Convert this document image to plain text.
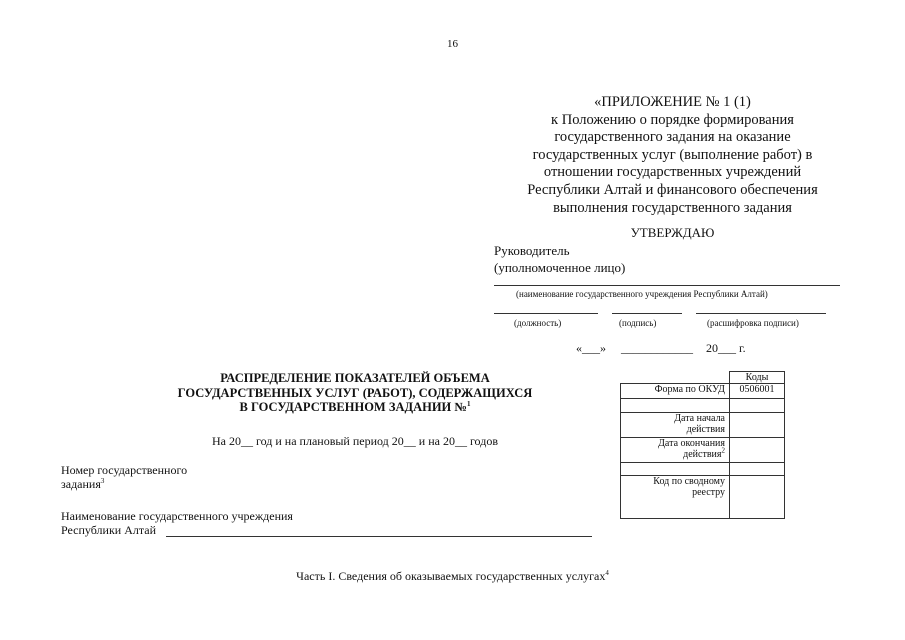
16
«ПРИЛОЖЕНИЕ № 1 (1)
к Положению о порядке формирования
государственного задания на оказание
государственных услуг (выполнение работ) в
отношении государственных учреждений
Республики Алтай и финансового обеспечения
выполнения государственного задания
УТВЕРЖДАЮ
Руководитель
(уполномоченное лицо)
(наименование государственного учреждения Республики Алтай)
(должность)	(подпись)	(расшифровка подписи)
«___» ____________ 20___ г.
РАСПРЕДЕЛЕНИЕ ПОКАЗАТЕЛЕЙ ОБЪЕМА
ГОСУДАРСТВЕННЫХ УСЛУГ (РАБОТ), СОДЕРЖАЩИХСЯ
В ГОСУДАРСТВЕННОМ ЗАДАНИИ №$^1$
На 20__ год и на плановый период 20__ и на 20__ годов
Номер государственного
задания$^3$
Наименование государственного учреждения
Республики Алтай
	Коды
Форма по ОКУД	0506001

Дата начала
действия	

Дата окончания
действия$^2$

Код по сводному
реестру	

Часть I. Сведения об оказываемых государственных услугах$^4$
